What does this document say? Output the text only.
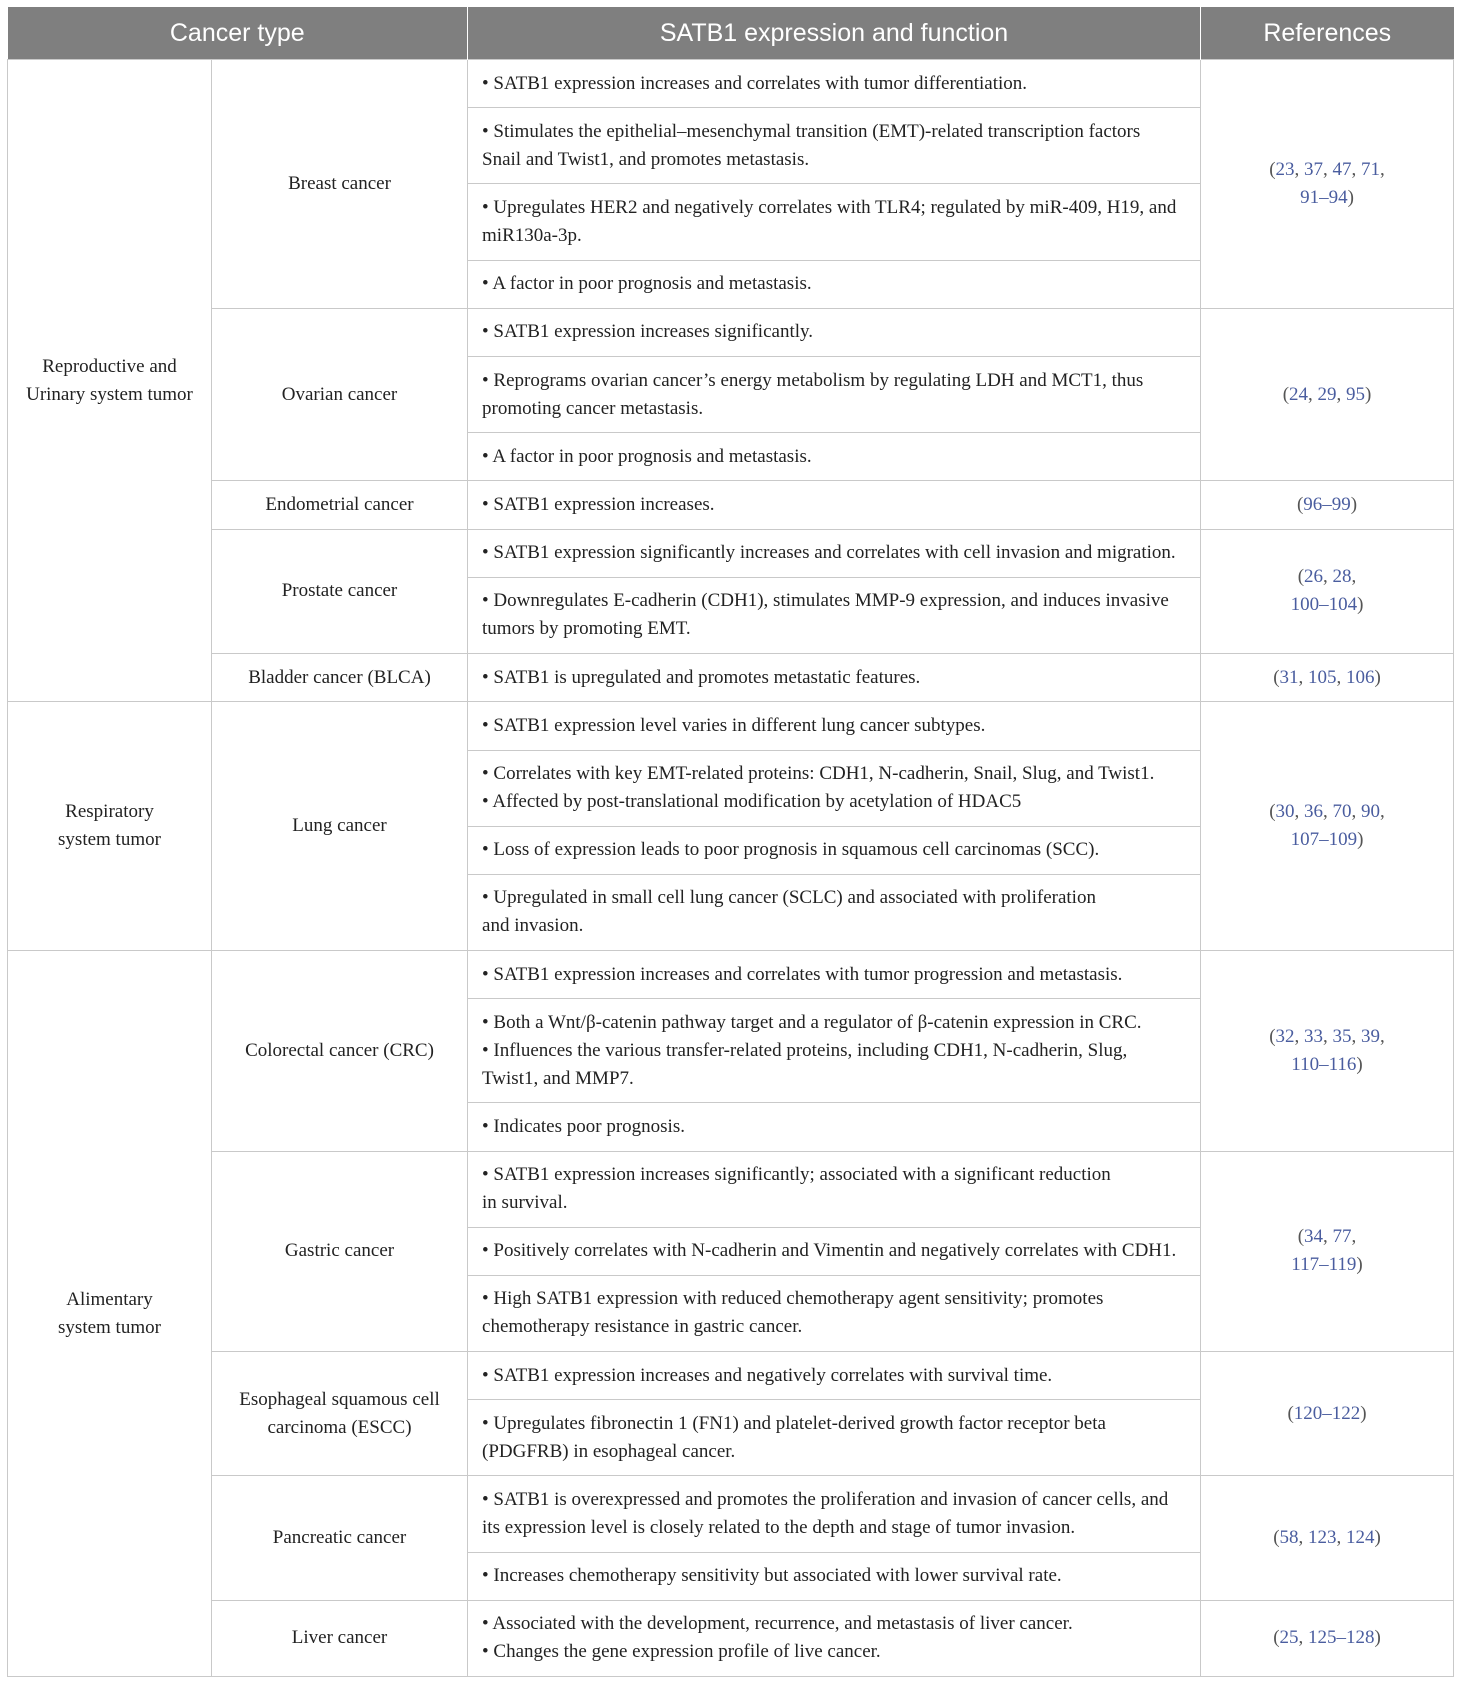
Cancer type		SATB1 expression and function	References

Reproductive and
Urinary system tumor	Breast cancer	• SATB1 expression increases and correlates with tumor differentiation.	(23, 37, 47, 71,
91–94)

		• Stimulates the epithelial–mesenchymal transition (EMT)-related transcription factors
Snail and Twist1, and promotes metastasis.	

		• Upregulates HER2 and negatively correlates with TLR4; regulated by miR-409, H19, and
miR130a-3p.	

		• A factor in poor prognosis and metastasis.	

	Ovarian cancer	• SATB1 expression increases significantly.	(24, 29, 95)

		• Reprograms ovarian cancer’s energy metabolism by regulating LDH and MCT1, thus
promoting cancer metastasis.	

		• A factor in poor prognosis and metastasis.	

	Endometrial cancer	• SATB1 expression increases.	(96–99)

	Prostate cancer	• SATB1 expression significantly increases and correlates with cell invasion and migration.	(26, 28,
100–104)

		• Downregulates E-cadherin (CDH1), stimulates MMP-9 expression, and induces invasive
tumors by promoting EMT.	

	Bladder cancer (BLCA)	• SATB1 is upregulated and promotes metastatic features.	(31, 105, 106)

Respiratory
system tumor	Lung cancer	• SATB1 expression level varies in different lung cancer subtypes.	(30, 36, 70, 90,
107–109)

		• Correlates with key EMT-related proteins: CDH1, N-cadherin, Snail, Slug, and Twist1.
• Affected by post-translational modification by acetylation of HDAC5	

		• Loss of expression leads to poor prognosis in squamous cell carcinomas (SCC).	

		• Upregulated in small cell lung cancer (SCLC) and associated with proliferation
and invasion.	

Alimentary
system tumor	Colorectal cancer (CRC)	• SATB1 expression increases and correlates with tumor progression and metastasis.	(32, 33, 35, 39,
110–116)

		• Both a Wnt/β-catenin pathway target and a regulator of β-catenin expression in CRC.
• Influences the various transfer-related proteins, including CDH1, N-cadherin, Slug,
Twist1, and MMP7.	

		• Indicates poor prognosis.	

	Gastric cancer	• SATB1 expression increases significantly; associated with a significant reduction
in survival.	(34, 77,
117–119)

		• Positively correlates with N-cadherin and Vimentin and negatively correlates with CDH1.	

		• High SATB1 expression with reduced chemotherapy agent sensitivity; promotes
chemotherapy resistance in gastric cancer.	

	Esophageal squamous cell
carcinoma (ESCC)	• SATB1 expression increases and negatively correlates with survival time.	(120–122)

		• Upregulates fibronectin 1 (FN1) and platelet-derived growth factor receptor beta
(PDGFRB) in esophageal cancer.	

	Pancreatic cancer	• SATB1 is overexpressed and promotes the proliferation and invasion of cancer cells, and
its expression level is closely related to the depth and stage of tumor invasion.	(58, 123, 124)

		• Increases chemotherapy sensitivity but associated with lower survival rate.	

	Liver cancer	• Associated with the development, recurrence, and metastasis of liver cancer.
• Changes the gene expression profile of live cancer.	(25, 125–128)
